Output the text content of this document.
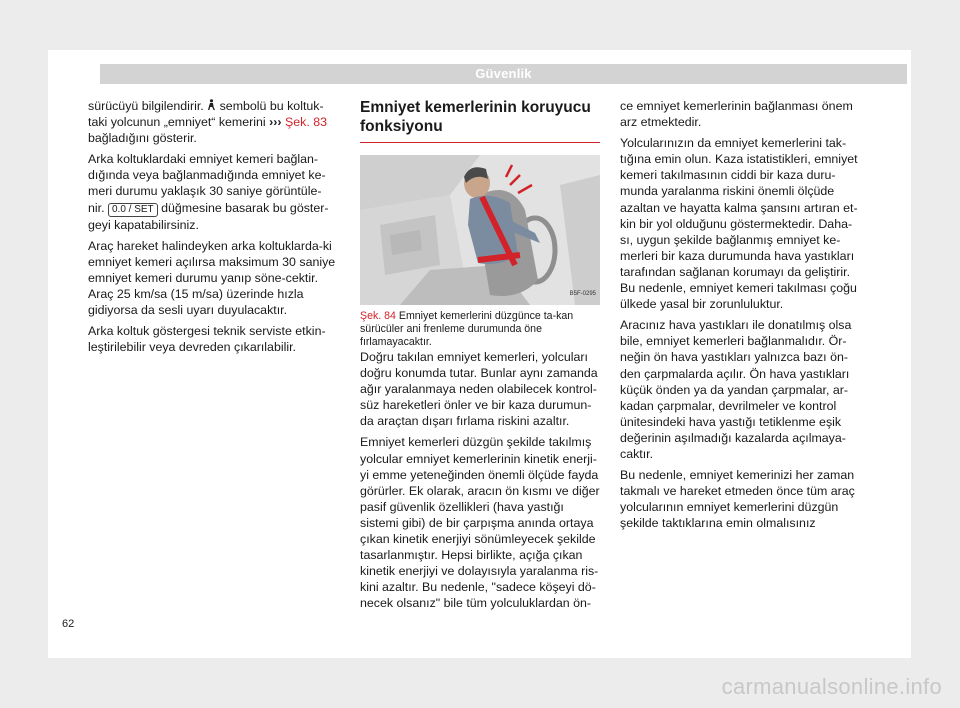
Güvenlik

sürücüyü bilgilendirir. sembolü bu koltuk-taki yolcunun „emniyet“ kemerini ››› Şek. 83 bağladığını gösterir.

Arka koltuklardaki emniyet kemeri bağlan-dığında veya bağlanmadığında emniyet ke-meri durumu yaklaşık 30 saniye görüntüle-nir. 0.0 / SET düğmesine basarak bu göster-geyi kapatabilirsiniz.

Araç hareket halindeyken arka koltuklarda-ki emniyet kemeri açılırsa maksimum 30 saniye emniyet kemeri durumu yanıp söne-cektir. Araç 25 km/sa (15 m/sa) üzerinde hızla gidiyorsa da sesli uyarı duyulacaktır.

Arka koltuk göstergesi teknik serviste etkin-leştirilebilir veya devreden çıkarılabilir.

Emniyet kemerlerinin koruyucu fonksiyonu
B5F-0295
Şek. 84 Emniyet kemerlerini düzgünce ta-kan sürücüler ani frenleme durumunda öne fırlamayacaktır.

Doğru takılan emniyet kemerleri, yolcuları doğru konumda tutar. Bunlar aynı zamanda ağır yaralanmaya neden olabilecek kontrol-süz hareketleri önler ve bir kaza durumun-da araçtan dışarı fırlama riskini azaltır.

Emniyet kemerleri düzgün şekilde takılmış yolcular emniyet kemerlerinin kinetik enerji-yi emme yeteneğinden önemli ölçüde fayda görürler. Ek olarak, aracın ön kısmı ve diğer pasif güvenlik özellikleri (hava yastığı sistemi gibi) de bir çarpışma anında ortaya çıkan kinetik enerjiyi sönümleyecek şekilde tasarlanmıştır. Hepsi birlikte, açığa çıkan kinetik enerjiyi ve dolayısıyla yaralanma ris-kini azaltır. Bu nedenle, "sadece köşeyi dö-necek olsanız" bile tüm yolculuklardan ön-

ce emniyet kemerlerinin bağlanması önem arz etmektedir.

Yolcularınızın da emniyet kemerlerini tak-tığına emin olun. Kaza istatistikleri, emniyet kemeri takılmasının ciddi bir kaza duru-munda yaralanma riskini önemli ölçüde azaltan ve hayatta kalma şansını artıran et-kin bir yol olduğunu göstermektedir. Daha-sı, uygun şekilde bağlanmış emniyet ke-merleri bir kaza durumunda hava yastıkları tarafından sağlanan korumayı da geliştirir. Bu nedenle, emniyet kemeri takılması çoğu ülkede yasal bir zorunluluktur.

Aracınız hava yastıkları ile donatılmış olsa bile, emniyet kemerleri bağlanmalıdır. Ör-neğin ön hava yastıkları yalnızca bazı ön-den çarpmalarda açılır. Ön hava yastıkları küçük önden ya da yandan çarpmalar, ar-kadan çarpmalar, devrilmeler ve kontrol ünitesindeki hava yastığı tetiklenme eşik değerinin aşılmadığı kazalarda açılmaya-caktır.

Bu nedenle, emniyet kemerinizi her zaman takmalı ve hareket etmeden önce tüm araç yolcularının emniyet kemerlerini düzgün şekilde taktıklarına emin olmalısınız

62
carmanualsonline.info
